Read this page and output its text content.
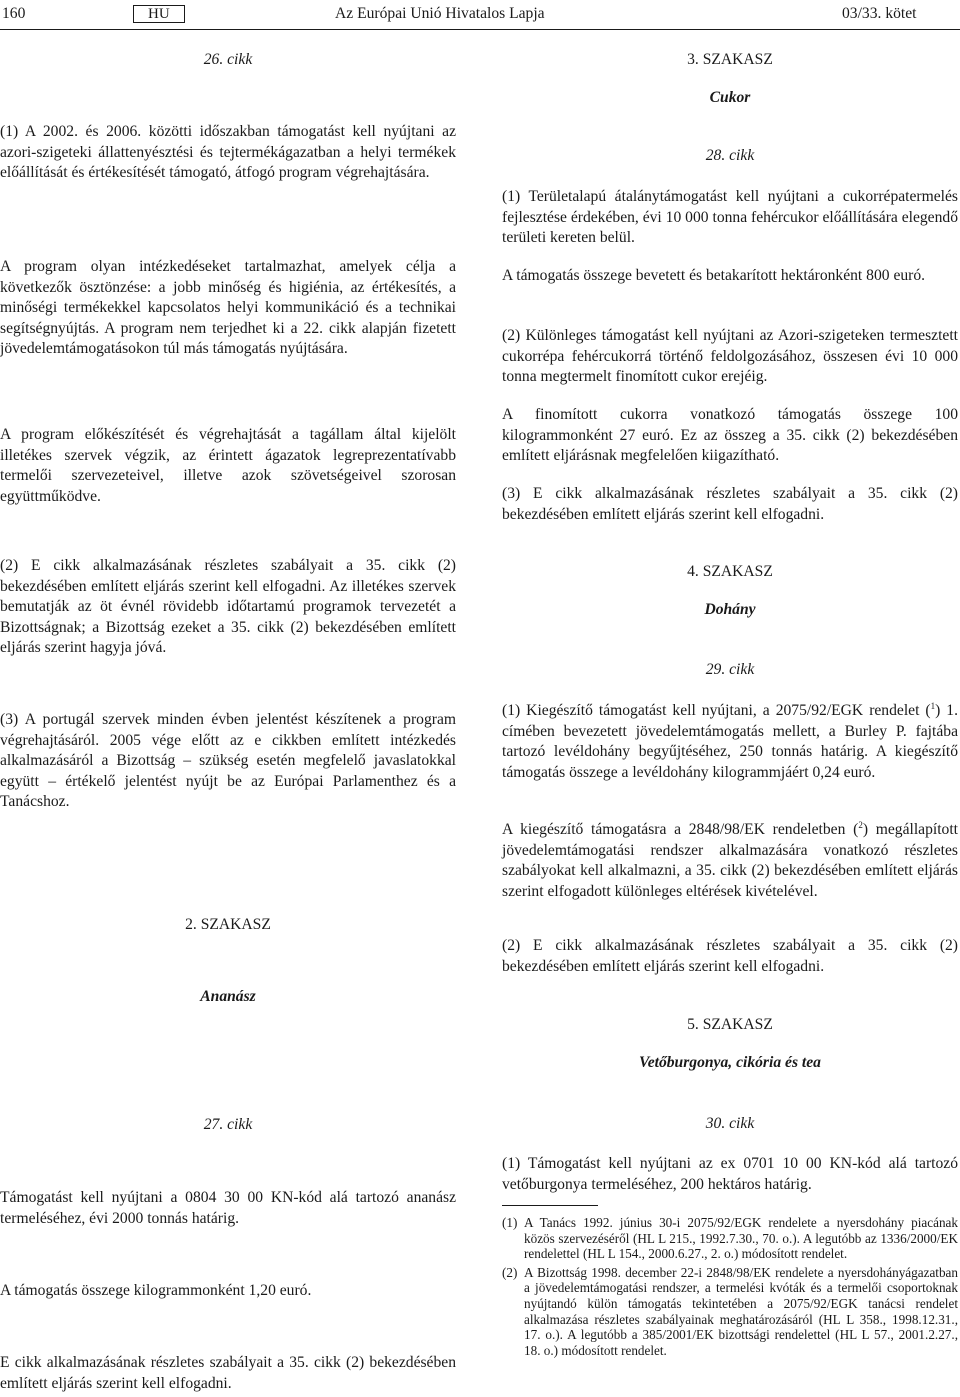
160	HU	Az Európai Unió Hivatalos Lapja	03/33. kötet
26. cikk

(1) A 2002. és 2006. közötti időszakban támogatást kell nyújtani az azori-szigeteki állattenyésztési és tejtermékágazatban a helyi termékek előállítását és értékesítését támogató, átfogó program végrehajtására.

A program olyan intézkedéseket tartalmazhat, amelyek célja a következők ösztönzése: a jobb minőség és higiénia, az értékesítés, a minőségi termékekkel kapcsolatos helyi kommunikáció és a technikai segítségnyújtás. A program nem terjedhet ki a 22. cikk alapján fizetett jövedelemtámogatásokon túl más támogatás nyújtására.

A program előkészítését és végrehajtását a tagállam által kijelölt illetékes szervek végzik, az érintett ágazatok legreprezentatívabb termelői szervezeteivel, illetve azok szövetségeivel szorosan együttműködve.

(2) E cikk alkalmazásának részletes szabályait a 35. cikk (2) bekezdésében említett eljárás szerint kell elfogadni. Az illetékes szervek bemutatják az öt évnél rövidebb időtartamú programok tervezetét a Bizottságnak; a Bizottság ezeket a 35. cikk (2) bekezdésében említett eljárás szerint hagyja jóvá.

(3) A portugál szervek minden évben jelentést készítenek a program végrehajtásáról. 2005 vége előtt az e cikkben említett intézkedés alkalmazásáról a Bizottság – szükség esetén megfelelő javaslatokkal együtt – értékelő jelentést nyújt be az Európai Parlamenthez és a Tanácshoz.

2. SZAKASZ
Ananász
27. cikk

Támogatást kell nyújtani a 0804 30 00 KN-kód alá tartozó ananász termeléséhez, évi 2000 tonnás határig.

A támogatás összege kilogrammonként 1,20 euró.

E cikk alkalmazásának részletes szabályait a 35. cikk (2) bekezdésében említett eljárás szerint kell elfogadni.

3. SZAKASZ
Cukor
28. cikk

(1) Területalapú átalánytámogatást kell nyújtani a cukorrépatermelés fejlesztése érdekében, évi 10 000 tonna fehércukor előállítására elegendő területi kereten belül.

A támogatás összege bevetett és betakarított hektáronként 800 euró.

(2) Különleges támogatást kell nyújtani az Azori-szigeteken termesztett cukorrépa fehércukorrá történő feldolgozásához, összesen évi 10 000 tonna megtermelt finomított cukor erejéig.

A finomított cukorra vonatkozó támogatás összege 100 kilogrammonként 27 euró. Ez az összeg a 35. cikk (2) bekezdésében említett eljárásnak megfelelően kiigazítható.

(3) E cikk alkalmazásának részletes szabályait a 35. cikk (2) bekezdésében említett eljárás szerint kell elfogadni.

4. SZAKASZ
Dohány
29. cikk

(1) Kiegészítő támogatást kell nyújtani, a 2075/92/EGK rendelet ($^1$) 1. címében bevezetett jövedelemtámogatás mellett, a Burley P. fajtába tartozó levéldohány begyűjtéséhez, 250 tonnás határig. A kiegészítő támogatás összege a levéldohány kilogrammjáért 0,24 euró.

A kiegészítő támogatásra a 2848/98/EK rendeletben ($^2$) megállapított jövedelemtámogatási rendszer alkalmazására vonatkozó részletes szabályokat kell alkalmazni, a 35. cikk (2) bekezdésében említett eljárás szerint elfogadott különleges eltérések kivételével.

(2) E cikk alkalmazásának részletes szabályait a 35. cikk (2) bekezdésében említett eljárás szerint kell elfogadni.

5. SZAKASZ
Vetőburgonya, cikória és tea
30. cikk

(1) Támogatást kell nyújtani az ex 0701 10 00 KN-kód alá tartozó vetőburgonya termeléséhez, 200 hektáros határig.

(1) A Tanács 1992. június 30-i 2075/92/EGK rendelete a nyersdohány piacának közös szervezéséről (HL L 215., 1992.7.30., 70. o.). A legutóbb az 1336/2000/EK rendelettel (HL L 154., 2000.6.27., 2. o.) módosított rendelet.
(2) A Bizottság 1998. december 22-i 2848/98/EK rendelete a nyersdohányágazatban a jövedelemtámogatási rendszer, a termelési kvóták és a termelői csoportoknak nyújtandó külön támogatás tekintetében a 2075/92/EGK tanácsi rendelet alkalmazása részletes szabályainak meghatározásáról (HL L 358., 1998.12.31., 17. o.). A legutóbb a 385/2001/EK bizottsági rendelettel (HL L 57., 2001.2.27., 18. o.) módosított rendelet.
